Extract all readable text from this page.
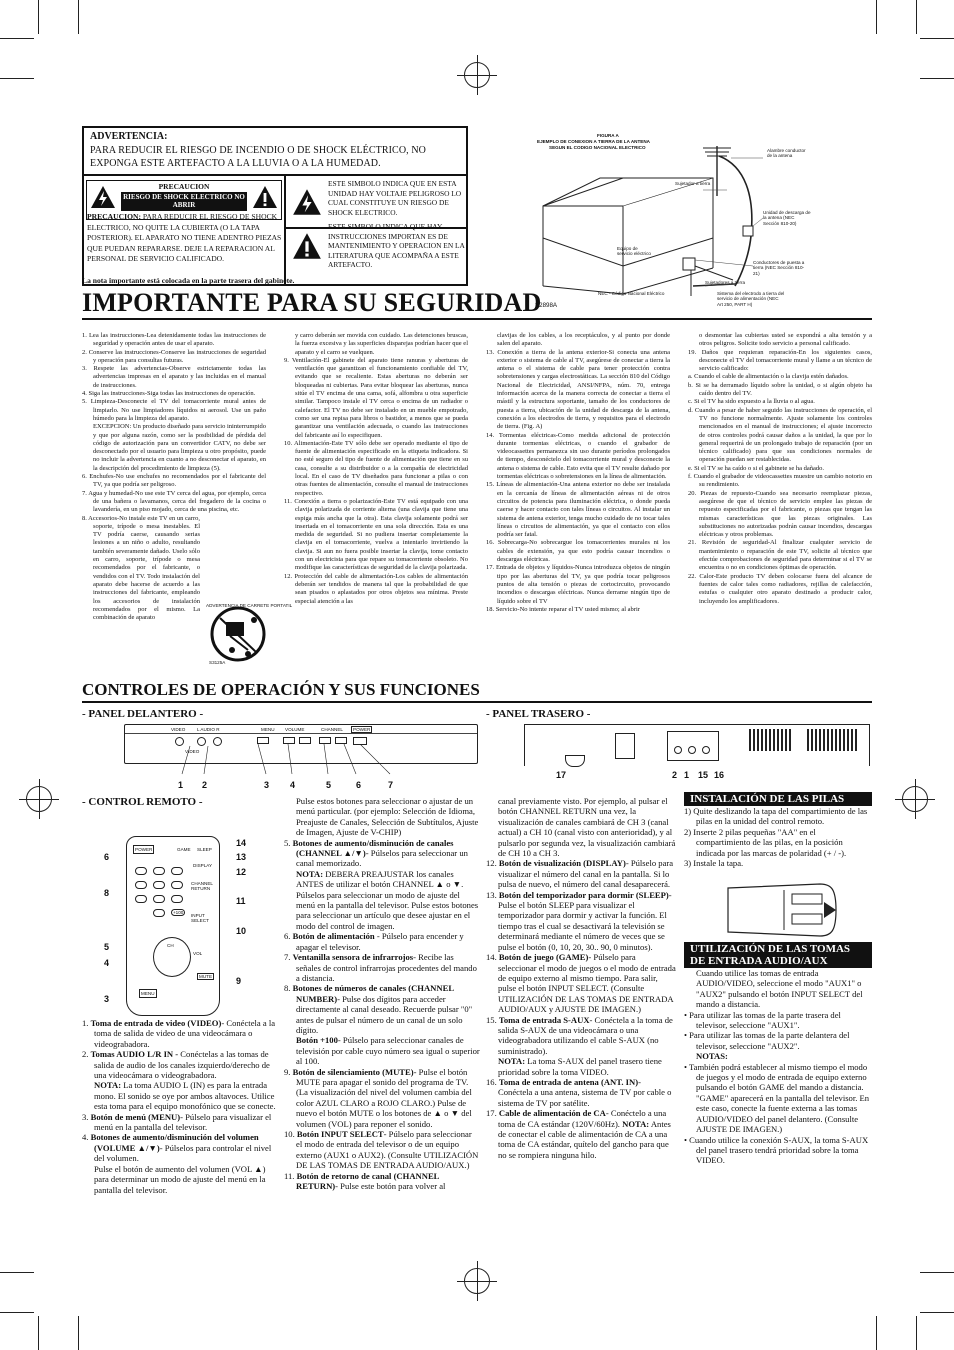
ADVERTENCIA:
PARA REDUCIR EL RIESGO DE INCENDIO O DE SHOCK ELÉCTRICO, NO EXPONGA ESTE ARTEFACTO A LA LLUVIA O A LA HUMEDAD.
PRECAUCION
RIESGO DE SHOCK ELECTRICO NO ABRIR
PRECAUCION: PARA REDUCIR EL RIESGO DE SHOCK ELECTRICO, NO QUITE LA CUBIERTA (O LA TAPA POSTERIOR). EL APARATO NO TIENE ADENTRO PIEZAS QUE PUEDAN REPARARSE. DEJE LA REPARACION AL PERSONAL DE SERVICIO CALIFICADO.
ESTE SIMBOLO INDICA QUE EN ESTA UNIDAD HAY VOLTAJE PELIGROSO LO CUAL CONSTITUYE UN RIESGO DE SHOCK ELECTRICO.
ESTE SIMBOLO INDICA QUE HAY INSTRUCCIONES IMPORTAN ES DE MANTENIMIENTO Y OPERACION EN LA LITERATURA QUE ACOMPAÑA A ESTE ARTEFACTO.
La nota importante está colocada en la parte trasera del gabinete.
FIGURA A
EJEMPLO DE CONEXION A TIERRA DE LA ANTENA
SEGUN EL CODIGO NACIONAL ELECTRICO
Alambre conductor de la antena
Sujetador a tierra
Unidad de descarga de la antena (NEC Sección 810-20)
Equipo de servicio eléctrico
Conductores de puesta a tierra (NEC Sección 810-21)
Sujetadores a tierra
NEC - Código Nacional Eléctrico	Sistema del electrodo a tierra del servicio de alimentación (NEC Art 250, PART H)
S2898A
IMPORTANTE PARA SU SEGURIDAD
1. Lea las instrucciones-Lea detenidamente todas las instrucciones de seguridad y operación antes de usar el aparato.
2. Conserve las instrucciones-Conserve las instrucciones de seguridad y operación para consultas futuras.
3. Respete las advertencias-Observe estrictamente todas las advertencias impresas en el aparato y las incluidas en el manual de instrucciones.
4. Siga las instrucciones-Siga todas las instrucciones de operación.
5. Limpieza-Desconecte el TV del tomacorriente mural antes de limpiarlo. No use limpiadores líquidos ni aerosol. Use un paño húmedo para la limpieza del aparato.
EXCEPCION: Un producto diseñado para servicio ininterrumpido y que por alguna razón, como ser la posibilidad de pérdida del código de autorización para un convertidor CATV, no debe ser desconectado por el usuario para limpieza u otro propósito, puede no incluir la advertencia en cuanto a no desconectar el aparato, en la descripción del procedimiento de limpieza (5).
6. Enchufes-No use enchufes no recomendados por el fabricante del TV, ya que podría ser peligroso.
7. Agua y humedad-No use este TV cerca del agua, por ejemplo, cerca de una bañera o lavamanos, cerca del fregadero de la cocina o lavandería, en un piso mojado, cerca de una piscina, etc.
8. Accesorios-No instale este TV en un carro, soporte, trípode o mesa inestables. El TV podría caerse, causando serias lesiones a un niño o adulto, resultando también severamente dañado. Uselo sólo en carro, soporte, trípode o mesa recomendados por el fabricante, o vendidos con el TV. Todo instalación del aparato debe hacerse de acuerdo a las instrucciones del fabricante, empleando los accesorios de instalación recomendados por el mismo. La combinación de aparato
ADVERTENCIA DE CARRETE PORTATIL
S3125A
y carro deberán ser movida con cuidado. Las detenciones bruscas, la fuerza excesiva y las superficies disparejas podrían hacer que el aparato y el carro se vuelquen.
9. Ventilación-El gabinete del aparato tiene ranuras y aberturas de ventilación que garantizan el funcionamiento confiable del TV, evitando que se recaliente. Estas aberturas no deberán ser bloqueadas ni cubiertas. Para evitar bloquear las aberturas, nunca sitúe el TV encima de una cama, sofá, alfombra u otra superficie similar. Tampoco instale el TV cerca o encima de un radiador o calefactor. El TV no debe ser instalado en un mueble empotrado, como ser una repisa para libros o bastidor, a menos que se pueda garantizar una ventilación adecuada, o cuando las instrucciones del fabricante así lo especifiquen.
10. Alimentación-Este TV sólo debe ser operado mediante el tipo de fuente de alimentación especificado en la etiqueta indicadora. Si no esté seguro del tipo de fuente de alimentación que tiene en su casa, consulte a su distribuidor o a la compañía de electricidad local. En el caso de TV diseñados para funcionar a pilas o con otras fuentes de alimentación, consulte el manual de instrucciones respectivo.
11. Conexión a tierra o polarización-Este TV está equipado con una clavija polarizada de corriente alterna (una clavija que tiene una espiga más ancha que la otra). Esta clavija solamente podrá ser insertada en el tomacorriente en una sola dirección. Esta es una medida de seguridad. Si no pudiera insertar completamente la clavija en el tomacorriente, vuelva a intentarlo invirtiendo la clavija. Si aun no fuera posible insertar la clavija, tome contacto con un electricista para que repare su tomacorriente obsoleto. No modifique las características de seguridad de la clavija polarizada.
12. Protección del cable de alimentación-Los cables de alimentación deberán ser tendidos de manera tal que la probabilidad de que sean pisados o aplastados por otros objetos sea mínima. Preste especial atención a las
clavijas de los cables, a los receptáculos, y al punto por donde salen del aparato.
13. Conexión a tierra de la antena exterior-Si conecta una antena exterior o sistema de cable al TV, asegúrese de conectar a tierra la antena o el sistema de cable para tener protección contra sobretensiones y cargas electrostáticas. La sección 810 del Código Nacional de Electricidad, ANSI/NFPA, núm. 70, entrega información acerca de la manera correcta de conectar a tierra el mástil y la estructura soportante, tamaño de los conductores de puesta a tierra, ubicación de la unidad de descarga de la antena, conexión a los electrodos de tierra, y requisitos para el electrodo de tierra. (Fig. A)
14. Tormentas eléctricas-Como medida adicional de protección durante tormentas eléctricas, o cuando el grabador de videocassettes permanezca sin uso durante períodos prolongados de tiempo, desconéctelo del tomacorriente mural y desconecte la antena o sistema de cable. Esto evita que el TV resulte dañado por tormentas eléctricas o sobretensiones en la línea de alimentación.
15. Líneas de alimentación-Una antena exterior no debe ser instalada en la cercanía de líneas de alimentación aéreas ni de otros circuitos de potencia para iluminación eléctrica, o donde pueda caerse y hacer contacto con tales líneas o circuitos. Al instalar un sistema de antena exterior, tenga mucho cuidado de no tocar tales líneas o circuitos de alimentación, ya que el contacto con ellos podría ser fatal.
16. Sobrecarga-No sobrecargue los tomacorrientes murales ni los cables de extensión, ya que esto podría causar incendios o descargas eléctricas.
17. Entrada de objetos y líquidos-Nunca introduzca objetos de ningún tipo por las aberturas del TV, ya que podría tocar peligrosos puntos de alta tensión o piezas de cortocircuito, provocando incendios o descargas eléctricas. Nunca derrame ningún tipo de líquido sobre el TV
18. Servicio-No intente reparar el TV usted mismo; al abrir
o desmontar las cubiertas usted se expondrá a alta tensión y a otros peligros. Solicite todo servicio a personal calificado.
19. Daños que requieran reparación-En los siguientes casos, desconecte el TV del tomacorriente mural y llame a un técnico de servicio calificado:
a. Cuando el cable de alimentación o la clavija estén dañados.
b. Si se ha derramado líquido sobre la unidad, o si algún objeto ha caído dentro del TV.
c. Si el TV ha sido expuesto a la lluvia o al agua.
d. Cuando a pesar de haber seguido las instrucciones de operación, el TV no funcione normalmente. Ajuste solamente los controles mencionados en el manual de instrucciones; el ajuste incorrecto de otros controles podrá causar daños a la unidad, la que por lo general requerirá de un prolongado trabajo de reparación (por un técnico calificado) para que sus condiciones normales de operación puedan ser restablecidas.
e. Si el TV se ha caído o si el gabinete se ha dañado.
f. Cuando el grabador de videocassettes muestre un cambio notorio en su rendimiento.
20. Piezas de repuesto-Cuando sea necesario reemplazar piezas, asegúrese de que el técnico de servicio emplee las piezas de repuesto especificadas por el fabricante, o piezas que tengan las mismas características que las piezas originales. Las substituciones no autorizadas podrán causar incendios, descargas eléctricas y otros problemas.
21. Revisión de seguridad-Al finalizar cualquier servicio de mantenimiento o reparación de este TV, solicite al técnico que efectúe comprobaciones de seguridad para determinar si el TV se encuentra o no en condiciones óptimas de operación.
22. Calor-Este producto TV deben colocarse fuera del alcance de fuentes de calor tales como radiadores, rejillas de calefacción, estufas o cualquier otro aparato destinado a producir calor, incluyendo los amplificadores.
CONTROLES DE OPERACIÓN Y SUS FUNCIONES
- PANEL DELANTERO -
VIDEO	L AUDIO R	MENU VOLUME	CHANNEL	POWER
VIDEO
1 2	3 4	5	6	7
- PANEL TRASERO -
17	2 1 15 16
- CONTROL REMOTO -
POWER	GAME SLEEP
DISPLAY
+100
CHANNEL RETURN
INPUT SELECT
CH
VOL
MUTE
MENU
14
13
12
11
10
9
6
8
5
4
3
1. Toma de entrada de video (VIDEO)- Conéctela a la toma de salida de video de una videocámara o videograbadora.
2. Tomas AUDIO L/R IN - Conéctelas a las tomas de salida de audio de los canales izquierdo/derecho de una videocámara o videograbadora.
NOTA: La toma AUDIO L (IN) es para la entrada mono. El sonido se oye por ambos altavoces. Utilice esta toma para el equipo monofónico que se conecte.
3. Botón de menú (MENU)- Púlselo para visualizar el menú en la pantalla del televisor.
4. Botones de aumento/disminución del volumen (VOLUME ▲/▼)- Púlselos para controlar el nivel del volumen.
Pulse el botón de aumento del volumen (VOL ▲) para determinar un modo de ajuste del menú en la pantalla del televisor.
Pulse estos botones para seleccionar o ajustar de un menú particular. (por ejemplo: Selección de Idioma, Preajuste de Canales, Selección de Subtítulos, Ajuste de Imagen, Ajuste de V-CHIP)
5. Botones de aumento/disminución de canales (CHANNEL ▲/▼)- Púlselos para seleccionar un canal memorizado.
NOTA: DEBERA PREAJUSTAR los canales ANTES de utilizar el botón CHANNEL ▲ o ▼.
Púlselos para seleccionar un modo de ajuste del menú en la pantalla del televisor. Pulse estos botones para seleccionar un artículo que desee ajustar en el modo del control de imagen.
6. Botón de alimentación - Púlselo para encender y apagar el televisor.
7. Ventanilla sensora de infrarrojos- Recibe las señales de control infrarrojas procedentes del mando a distancia.
8. Botones de números de canales (CHANNEL NUMBER)- Pulse dos dígitos para acceder directamente al canal deseado. Recuerde pulsar "0" antes de pulsar el número de un canal de un solo dígito.
Botón +100- Púlselo para seleccionar canales de televisión por cable cuyo número sea igual o superior al 100.
9. Botón de silenciamiento (MUTE)- Pulse el botón MUTE para apagar el sonido del programa de TV. (La visualización del nivel del volumen cambia del color AZUL CLARO a ROJO CLARO.) Pulse de nuevo el botón MUTE o los botones de ▲ o ▼ del volumen (VOL) para reponer el sonido.
10. Botón INPUT SELECT- Púlselo para seleccionar el modo de entrada del televisor o de un equipo externo (AUX1 o AUX2). (Consulte UTILIZACIÓN DE LAS TOMAS DE ENTRADA AUDIO/AUX.)
11. Botón de retorno de canal (CHANNEL RETURN)- Pulse este botón para volver al
canal previamente visto. Por ejemplo, al pulsar el botón CHANNEL RETURN una vez, la visualización de canales cambiará de CH 3 (canal actual) a CH 10 (canal visto con anterioridad), y al pulsarlo por segunda vez, la visualización cambiará de CH 10 a CH 3.
12. Botón de visualización (DISPLAY)- Púlselo para visualizar el número del canal en la pantalla. Si lo pulsa de nuevo, el número del canal desaparecerá.
13. Botón del temporizador para dormir (SLEEP)- Pulse el botón SLEEP para visualizar el temporizador para dormir y activar la función. El tiempo tras el cual se desactivará la televisión se determinará mediante el número de veces que se pulse el botón (0, 10, 20, 30.. 90, 0 minutos).
14. Botón de juego (GAME)- Púlselo para seleccionar el modo de juegos o el modo de entrada de equipo externo al mismo tiempo. Para salir, pulse el botón INPUT SELECT. (Consulte UTILIZACIÓN DE LAS TOMAS DE ENTRADA AUDIO/AUX y AJUSTE DE IMAGEN.)
15. Toma de entrada S-AUX- Conéctela a la toma de salida S-AUX de una videocámara o una videograbadora utilizando el cable S-AUX (no suministrado).
NOTA: La toma S-AUX del panel trasero tiene prioridad sobre la toma VIDEO.
16. Toma de entrada de antena (ANT. IN)- Conéctela a una antena, sistema de TV por cable o sistema de TV por satélite.
17. Cable de alimentación de CA- Conéctelo a una toma de CA estándar (120V/60Hz). NOTA: Antes de conectar el cable de alimentación de CA a una toma de CA estándar, quítelo del gancho para que no se rompiera ninguna hilo.
INSTALACIÓN DE LAS PILAS
1) Quite deslizando la tapa del compartimiento de las pilas en la unidad del control remoto.
2) Inserte 2 pilas pequeñas "AA" en el compartimiento de las pilas, en la posición indicada por las marcas de polaridad (+ / -).
3) Instale la tapa.
UTILIZACIÓN DE LAS TOMAS
DE ENTRADA AUDIO/AUX
Cuando utilice las tomas de entrada AUDIO/VIDEO, seleccione el modo "AUX1" o "AUX2" pulsando el botón INPUT SELECT del mando a distancia.
• Para utilizar las tomas de la parte trasera del televisor, seleccione "AUX1".
• Para utilizar las tomas de la parte delantera del televisor, seleccione "AUX2".
NOTAS:
• También podrá establecer al mismo tiempo el modo de juegos y el modo de entrada de equipo externo pulsando el botón GAME del mando a distancia. "GAME" aparecerá en la pantalla del televisor. En este caso, conecte la fuente externa a las tomas AUDIO/VIDEO del panel delantero. (Consulte AJUSTE DE IMAGEN.)
• Cuando utilice la conexión S-AUX, la toma S-AUX del panel trasero tendrá prioridad sobre la toma VIDEO.
